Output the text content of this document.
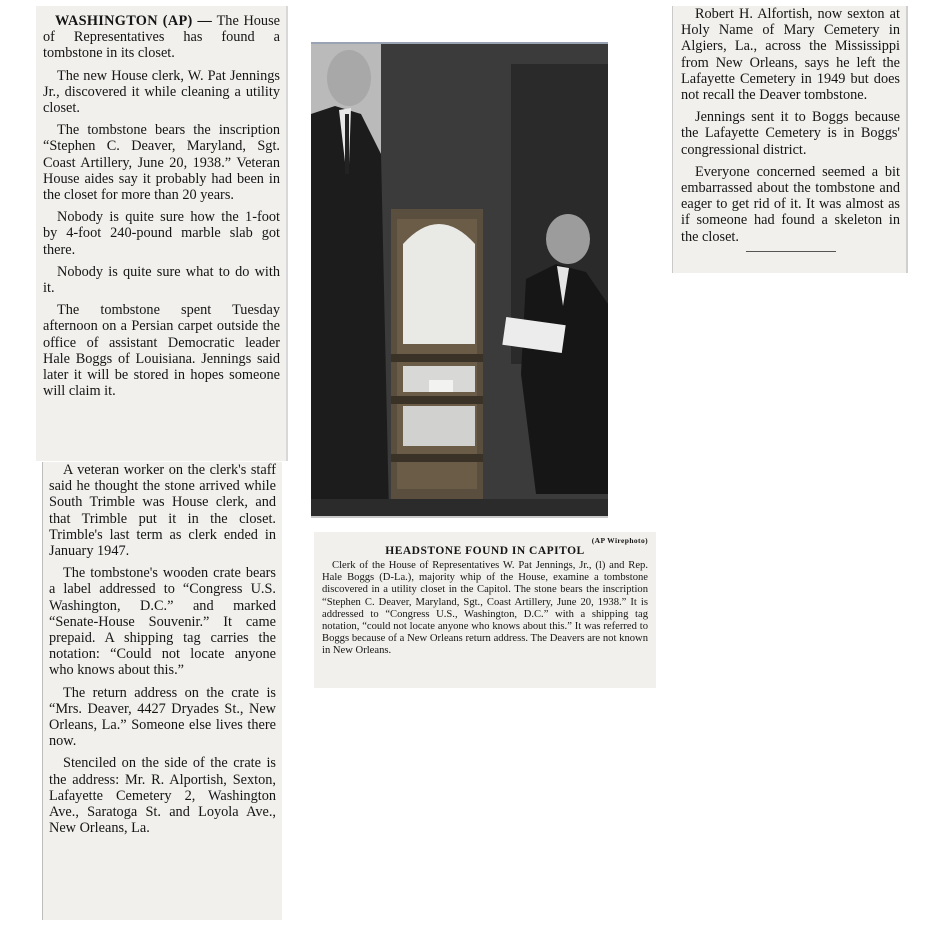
WASHINGTON (AP) — The House of Representatives has found a tombstone in its closet.

The new House clerk, W. Pat Jennings Jr., discovered it while cleaning a utility closet.

The tombstone bears the inscription “Stephen C. Deaver, Maryland, Sgt. Coast Artillery, June 20, 1938.” Veteran House aides say it probably had been in the closet for more than 20 years.

Nobody is quite sure how the 1-foot by 4-foot 240-pound marble slab got there.

Nobody is quite sure what to do with it.

The tombstone spent Tuesday afternoon on a Persian carpet outside the office of assistant Democratic leader Hale Boggs of Louisiana. Jennings said later it will be stored in hopes someone will claim it.

A veteran worker on the clerk's staff said he thought the stone arrived while South Trimble was House clerk, and that Trimble put it in the closet. Trimble's last term as clerk ended in January 1947.

The tombstone's wooden crate bears a label addressed to “Congress U.S. Washington, D.C.” and marked “Senate-House Souvenir.” It came prepaid. A shipping tag carries the notation: “Could not locate anyone who knows about this.”

The return address on the crate is “Mrs. Deaver, 4427 Dryades St., New Orleans, La.” Someone else lives there now.

Stenciled on the side of the crate is the address: Mr. R. Alportish, Sexton, Lafayette Cemetery 2, Washington Ave., Saratoga St. and Loyola Ave., New Orleans, La.

(AP Wirephoto)

HEADSTONE FOUND IN CAPITOL

Clerk of the House of Representatives W. Pat Jennings, Jr., (l) and Rep. Hale Boggs (D-La.), majority whip of the House, examine a tombstone discovered in a utility closet in the Capitol. The stone bears the inscription “Stephen C. Deaver, Maryland, Sgt., Coast Artillery, June 20, 1938.” It is addressed to “Congress U.S., Washington, D.C.” with a shipping tag notation, “could not locate anyone who knows about this.” It was referred to Boggs because of a New Orleans return address. The Deavers are not known in New Orleans.

Robert H. Alfortish, now sexton at Holy Name of Mary Cemetery in Algiers, La., across the Mississippi from New Orleans, says he left the Lafayette Cemetery in 1949 but does not recall the Deaver tombstone.

Jennings sent it to Boggs because the Lafayette Cemetery is in Boggs' congressional district.

Everyone concerned seemed a bit embarrassed about the tombstone and eager to get rid of it. It was almost as if someone had found a skeleton in the closet.
